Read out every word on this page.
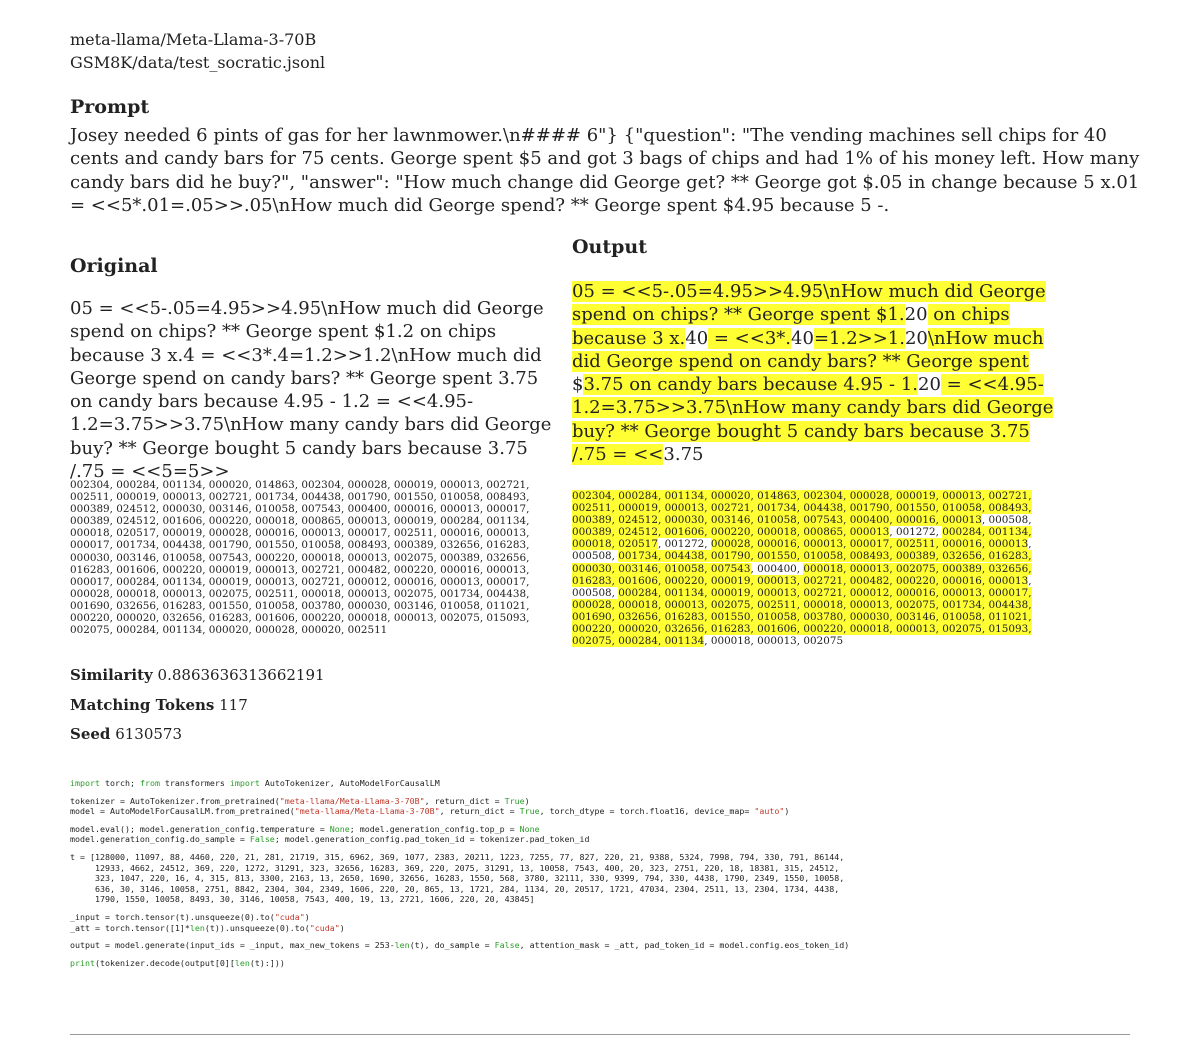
meta-llama/Meta-Llama-3-70B
GSM8K/data/test_socratic.jsonl
Prompt
Josey needed 6 pints of gas for her lawnmower.\n#### 6"} {"question": "The vending machines sell chips for 40 cents and candy bars for 75 cents. George spent $5 and got 3 bags of chips and had 1% of his money left. How many candy bars did he buy?", "answer": "How much change did George get? ** George got $.05 in change because 5 x.01 = <<5*.01=.05>>.05\nHow much did George spend? ** George spent $4.95 because 5 -.
Original
Output
05 = <<5-.05=4.95>>4.95\nHow much did George spend on chips? ** George spent $1.2 on chips because 3 x.4 = <<3*.4=1.2>>1.2\nHow much did George spend on candy bars? ** George spent 3.75 on candy bars because 4.95 - 1.2 = <<4.95-1.2=3.75>>3.75\nHow many candy bars did George buy? ** George bought 5 candy bars because 3.75 /.75 = <<5=5>>
05 = <<5-.05=4.95>>4.95\nHow much did George spend on chips? ** George spent $1.20 on chips because 3 x.40 = <<3*.40=1.2>>1.20\nHow much did George spend on candy bars? ** George spent $3.75 on candy bars because 4.95 - 1.20 = <<4.95-1.2=3.75>>3.75\nHow many candy bars did George buy? ** George bought 5 candy bars because 3.75 /.75 = <<3.75
002304, 000284, 001134, 000020, 014863, 002304, 000028, 000019, 000013, 002721, 002511, 000019, 000013, 002721, 001734, 004438, 001790, 001550, 010058, 008493, 000389, 024512, 000030, 003146, 010058, 007543, 000400, 000016, 000013, 000017, 000389, 024512, 001606, 000220, 000018, 000865, 000013, 000019, 000284, 001134, 000018, 020517, 000019, 000028, 000016, 000013, 000017, 002511, 000016, 000013, 000017, 001734, 004438, 001790, 001550, 010058, 008493, 000389, 032656, 016283, 000030, 003146, 010058, 007543, 000220, 000018, 000013, 002075, 000389, 032656, 016283, 001606, 000220, 000019, 000013, 002721, 000482, 000220, 000016, 000013, 000017, 000284, 001134, 000019, 000013, 002721, 000012, 000016, 000013, 000017, 000028, 000018, 000013, 002075, 002511, 000018, 000013, 002075, 001734, 004438, 001690, 032656, 016283, 001550, 010058, 003780, 000030, 003146, 010058, 011021, 000220, 000020, 032656, 016283, 001606, 000220, 000018, 000013, 002075, 015093, 002075, 000284, 001134, 000020, 000028, 000020, 002511
002304, 000284, 001134, 000020, 014863, 002304, 000028, 000019, 000013, 002721, 002511, 000019, 000013, 002721, 001734, 004438, 001790, 001550, 010058, 008493, 000389, 024512, 000030, 003146, 010058, 007543, 000400, 000016, 000013, 000508, 000389, 024512, 001606, 000220, 000018, 000865, 000013, 001272, 000284, 001134, 000018, 020517, 001272, 000028, 000016, 000013, 000017, 002511, 000016, 000013, 000508, 001734, 004438, 001790, 001550, 010058, 008493, 000389, 032656, 016283, 000030, 003146, 010058, 007543, 000400, 000018, 000013, 002075, 000389, 032656, 016283, 001606, 000220, 000019, 000013, 002721, 000482, 000220, 000016, 000013, 000508, 000284, 001134, 000019, 000013, 002721, 000012, 000016, 000013, 000017, 000028, 000018, 000013, 002075, 002511, 000018, 000013, 002075, 001734, 004438, 001690, 032656, 016283, 001550, 010058, 003780, 000030, 003146, 010058, 011021, 000220, 000020, 032656, 016283, 001606, 000220, 000018, 000013, 002075, 015093, 002075, 000284, 001134, 000018, 000013, 002075
Similarity 0.8863636313662191
Matching Tokens 117
Seed 6130573
import torch; from transformers import AutoTokenizer, AutoModelForCausalLM
tokenizer = AutoTokenizer.from_pretrained("meta-llama/Meta-Llama-3-70B", return_dict = True)
model = AutoModelForCausalLM.from_pretrained("meta-llama/Meta-Llama-3-70B", return_dict = True, torch_dtype = torch.float16, device_map= "auto")
model.eval(); model.generation_config.temperature = None; model.generation_config.top_p = None
model.generation_config.do_sample = False; model.generation_config.pad_token_id = tokenizer.pad_token_id
t = [128000, 11097, 88, 4460, 220, 21, 281, 21719, 315, 6962, 369, 1077, 2383, 20211, 1223, 7255, 77, 827, 220, 21, 9388, 5324, 7998, 794, 330, 791, 86144,
12933, 4662, 24512, 369, 220, 1272, 31291, 323, 32656, 16283, 369, 220, 2075, 31291, 13, 10058, 7543, 400, 20, 323, 2751, 220, 18, 18381, 315, 24512,
323, 1047, 220, 16, 4, 315, 813, 3300, 2163, 13, 2650, 1690, 32656, 16283, 1550, 568, 3780, 32111, 330, 9399, 794, 330, 4438, 1790, 2349, 1550, 10058,
636, 30, 3146, 10058, 2751, 8842, 2304, 304, 2349, 1606, 220, 20, 865, 13, 1721, 284, 1134, 20, 20517, 1721, 47034, 2304, 2511, 13, 2304, 1734, 4438,
1790, 1550, 10058, 8493, 30, 3146, 10058, 7543, 400, 19, 13, 2721, 1606, 220, 20, 43845]
_input = torch.tensor(t).unsqueeze(0).to("cuda")
_att = torch.tensor([1]*len(t)).unsqueeze(0).to("cuda")
output = model.generate(input_ids = _input, max_new_tokens = 253-len(t), do_sample = False, attention_mask = _att, pad_token_id = model.config.eos_token_id)
print(tokenizer.decode(output[0][len(t):]))
